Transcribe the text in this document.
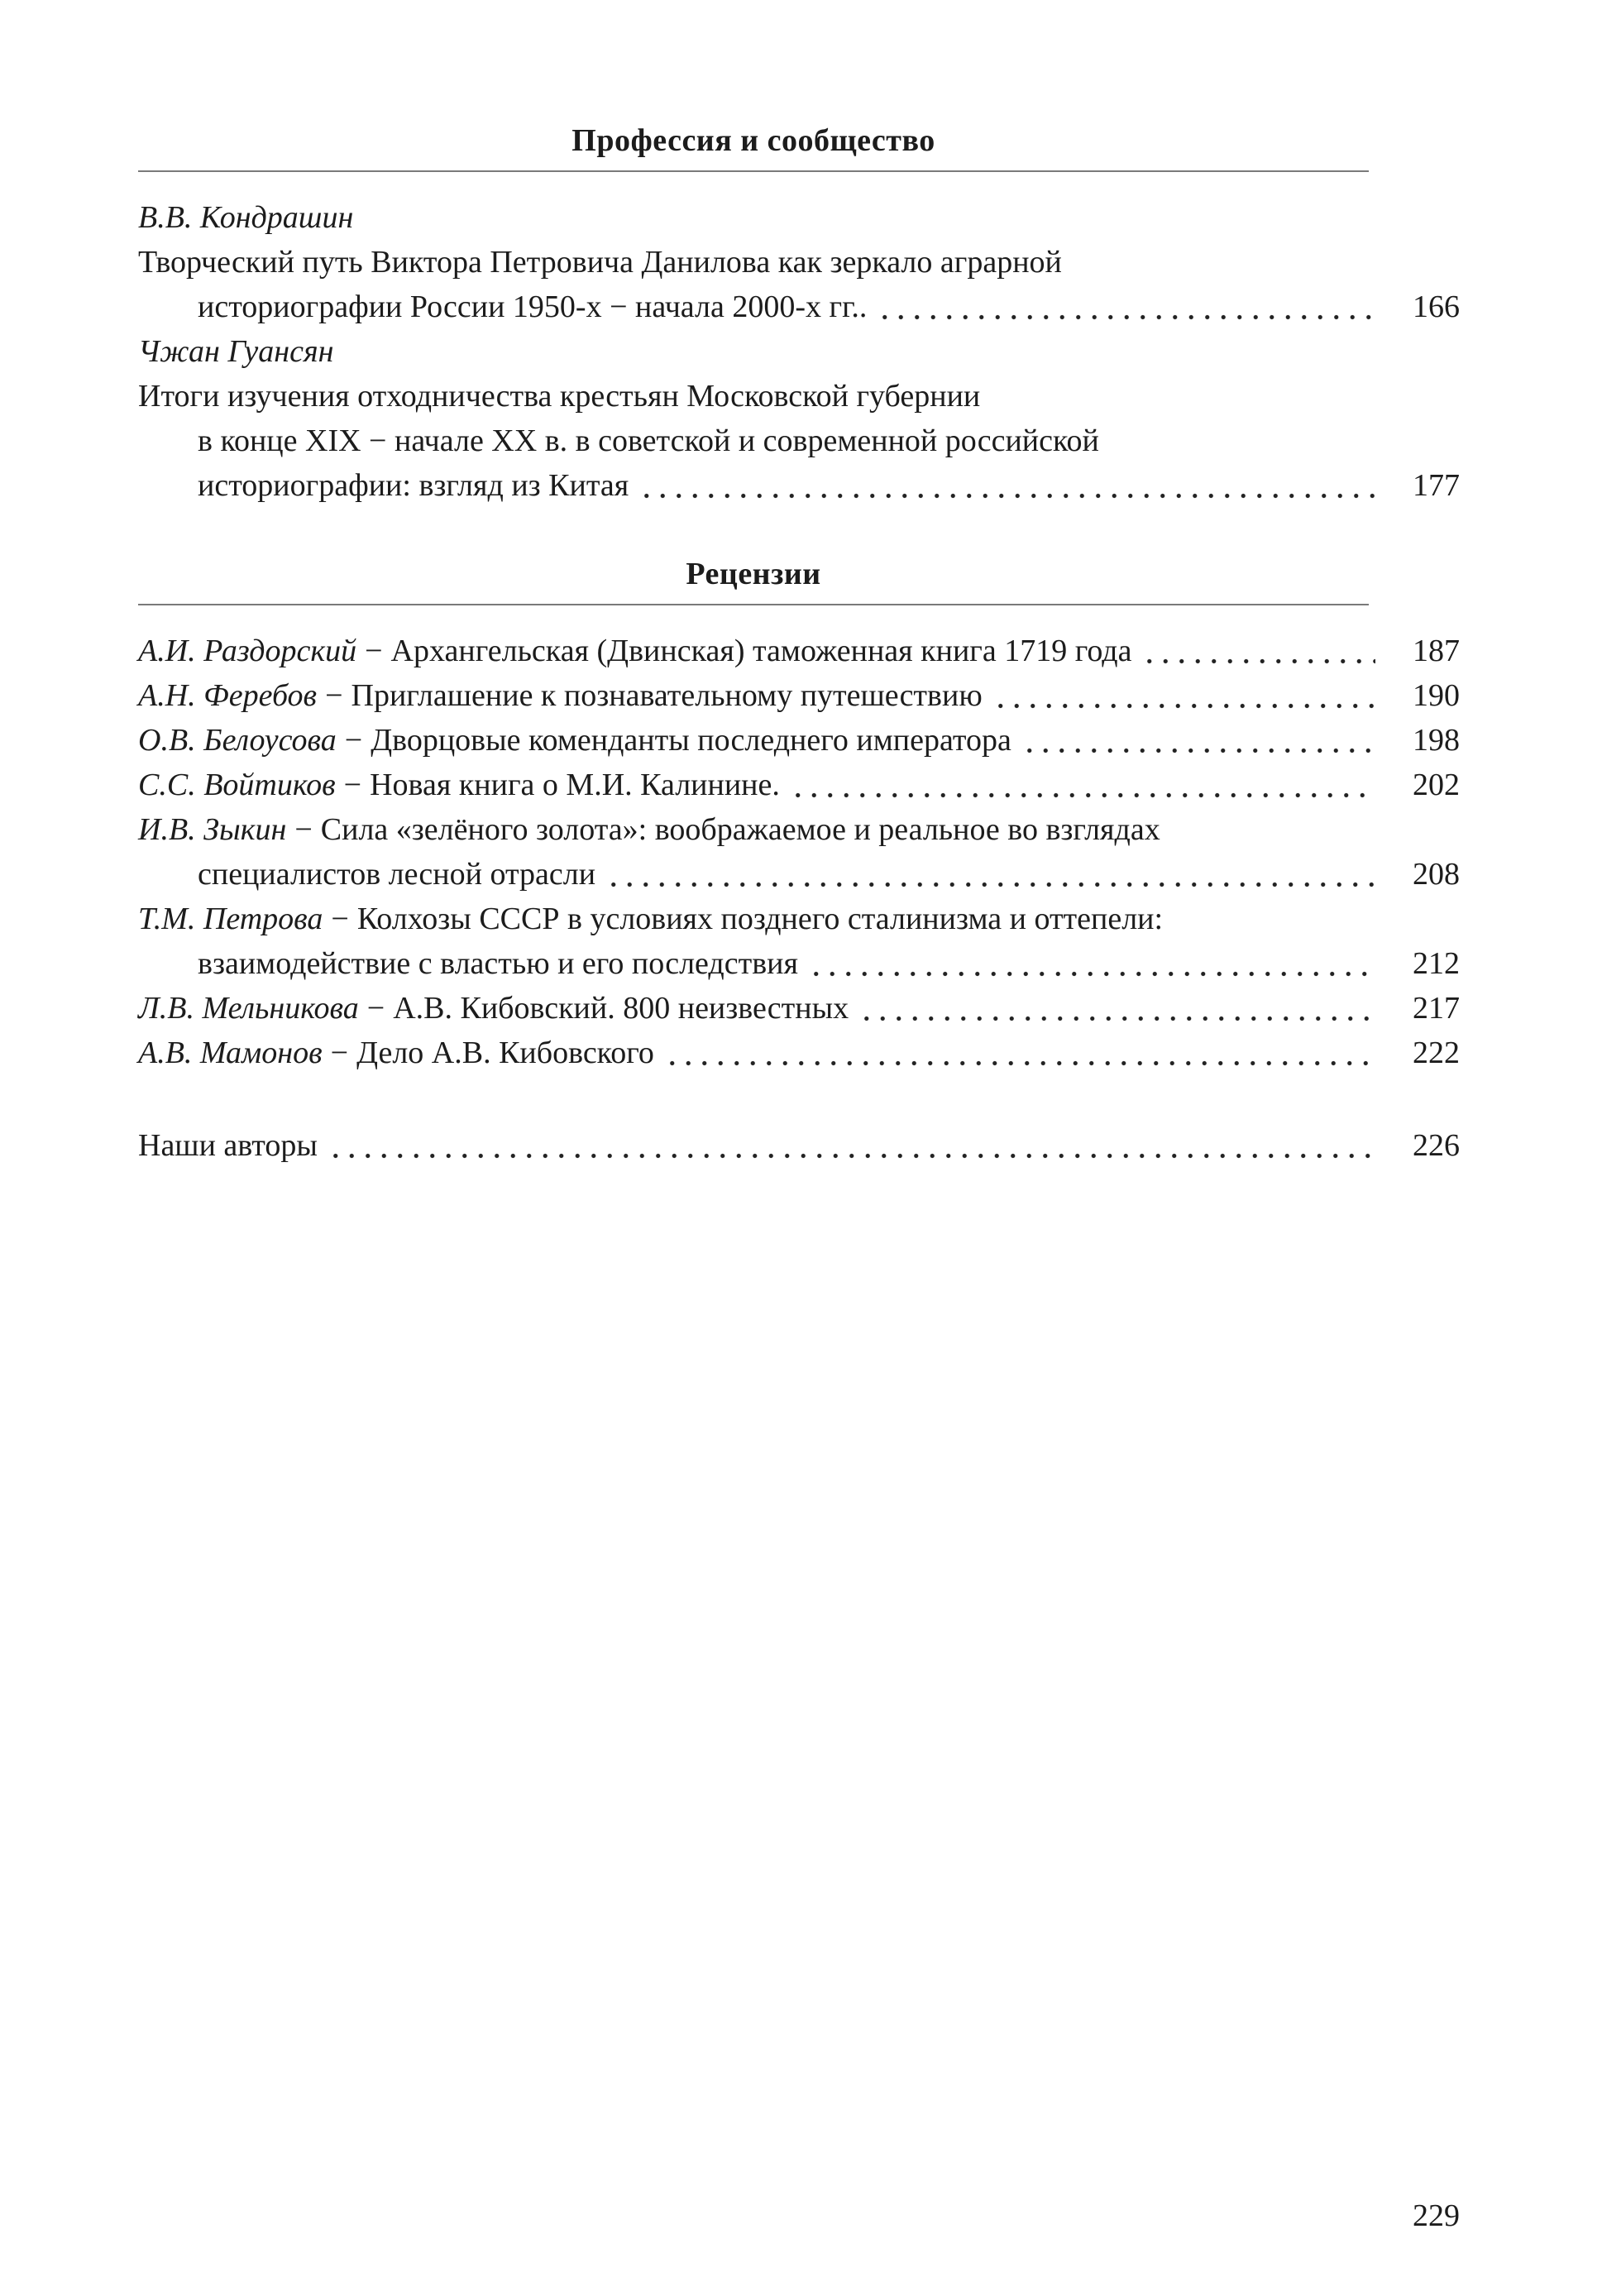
Профессия и сообщество
В.В. Кондрашин
Творческий путь Виктора Петровича Данилова как зеркало аграрной
историографии России 1950-х − начала 2000-х гг..	166
Чжан Гуансян
Итоги изучения отходничества крестьян Московской губернии
в конце XIX − начале XX в. в советской и современной российской
историографии: взгляд из Китая	177
Рецензии
А.И. Раздорский − Архангельская (Двинская) таможенная книга 1719 года	187
А.Н. Феребов − Приглашение к познавательному путешествию	190
О.В. Белоусова − Дворцовые коменданты последнего императора	198
С.С. Войтиков − Новая книга о М.И. Калинине.	202
И.В. Зыкин − Сила «зелёного золота»: воображаемое и реальное во взглядах
специалистов лесной отрасли	208
Т.М. Петрова − Колхозы СССР в условиях позднего сталинизма и оттепели:
взаимодействие с властью и его последствия	212
Л.В. Мельникова − А.В. Кибовский. 800 неизвестных	217
А.В. Мамонов − Дело А.В. Кибовского	222
Наши авторы	226
229
